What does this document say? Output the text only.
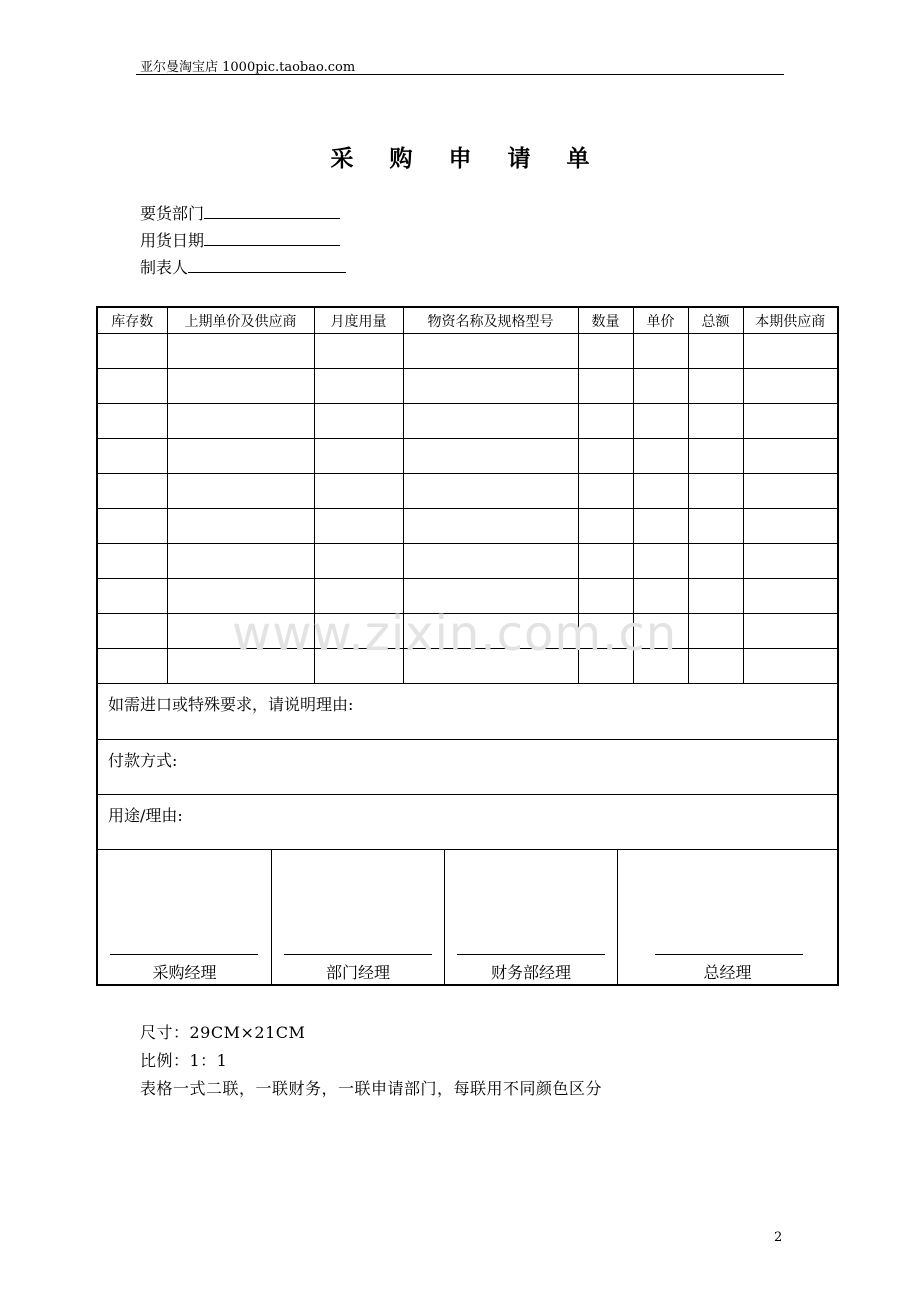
亚尔曼淘宝店 1000pic.taobao.com
采 购 申 请 单
要货部门
用货日期
制表人
库存数	上期单价及供应商	月度用量	物资名称及规格型号	数量	单价	总额	本期供应商

如需进口或特殊要求，请说明理由:
付款方式:
用途/理由:
采购经理	部门经理	财务部经理	总经理
www.zixin.com.cn
尺寸：29CM×21CM
比例：1：1
表格一式二联，一联财务，一联申请部门，每联用不同颜色区分
2
